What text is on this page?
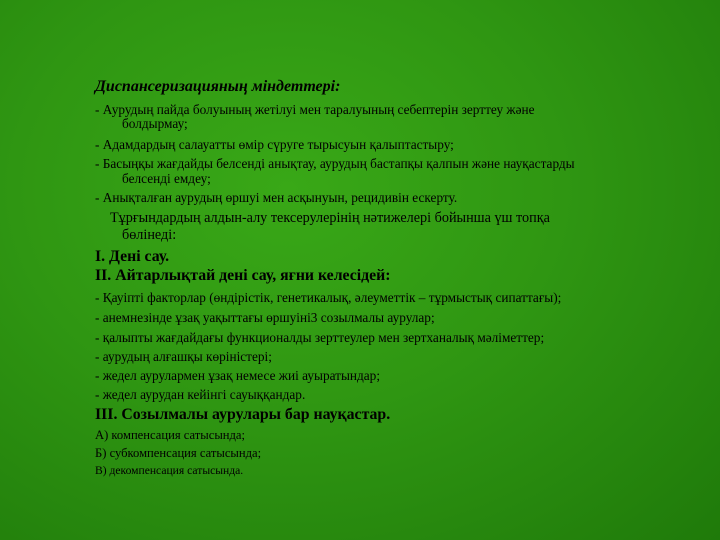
Диспансеризацияның міндеттері:
- Аурудың пайда болуының жетілуі мен таралуының себептерін зерттеу және
болдырмау;
- Адамдардың салауатты өмір сүруге тырысуын қалыптастыру;
- Басыңқы жағдайды белсенді анықтау, аурудың бастапқы қалпын және науқастарды
белсенді емдеу;
- Анықталған аурудың өршуі мен асқынуын, рецидивін ескерту.
Тұрғындардың алдын-алу тексерулерінің нәтижелері бойынша үш топқа
бөлінеді:
I. Дені сау.
II. Айтарлықтай дені сау, яғни келесідей:
- Қауіпті факторлар (өндірістік, генетикалық, әлеуметтік – тұрмыстық сипаттағы);
- анемнезінде ұзақ уақыттағы өршуіні3 созылмалы аурулар;
- қалыпты жағдайдағы функционалды зерттеулер мен зертханалық мәліметтер;
- аурудың алғашқы көріністері;
- жедел аурулармен ұзақ немесе жиі ауыратындар;
- жедел аурудан кейінгі сауыққандар.
III. Созылмалы аурулары бар науқастар.
А) компенсация сатысында;
Б) субкомпенсация сатысында;
В) декомпенсация сатысында.
